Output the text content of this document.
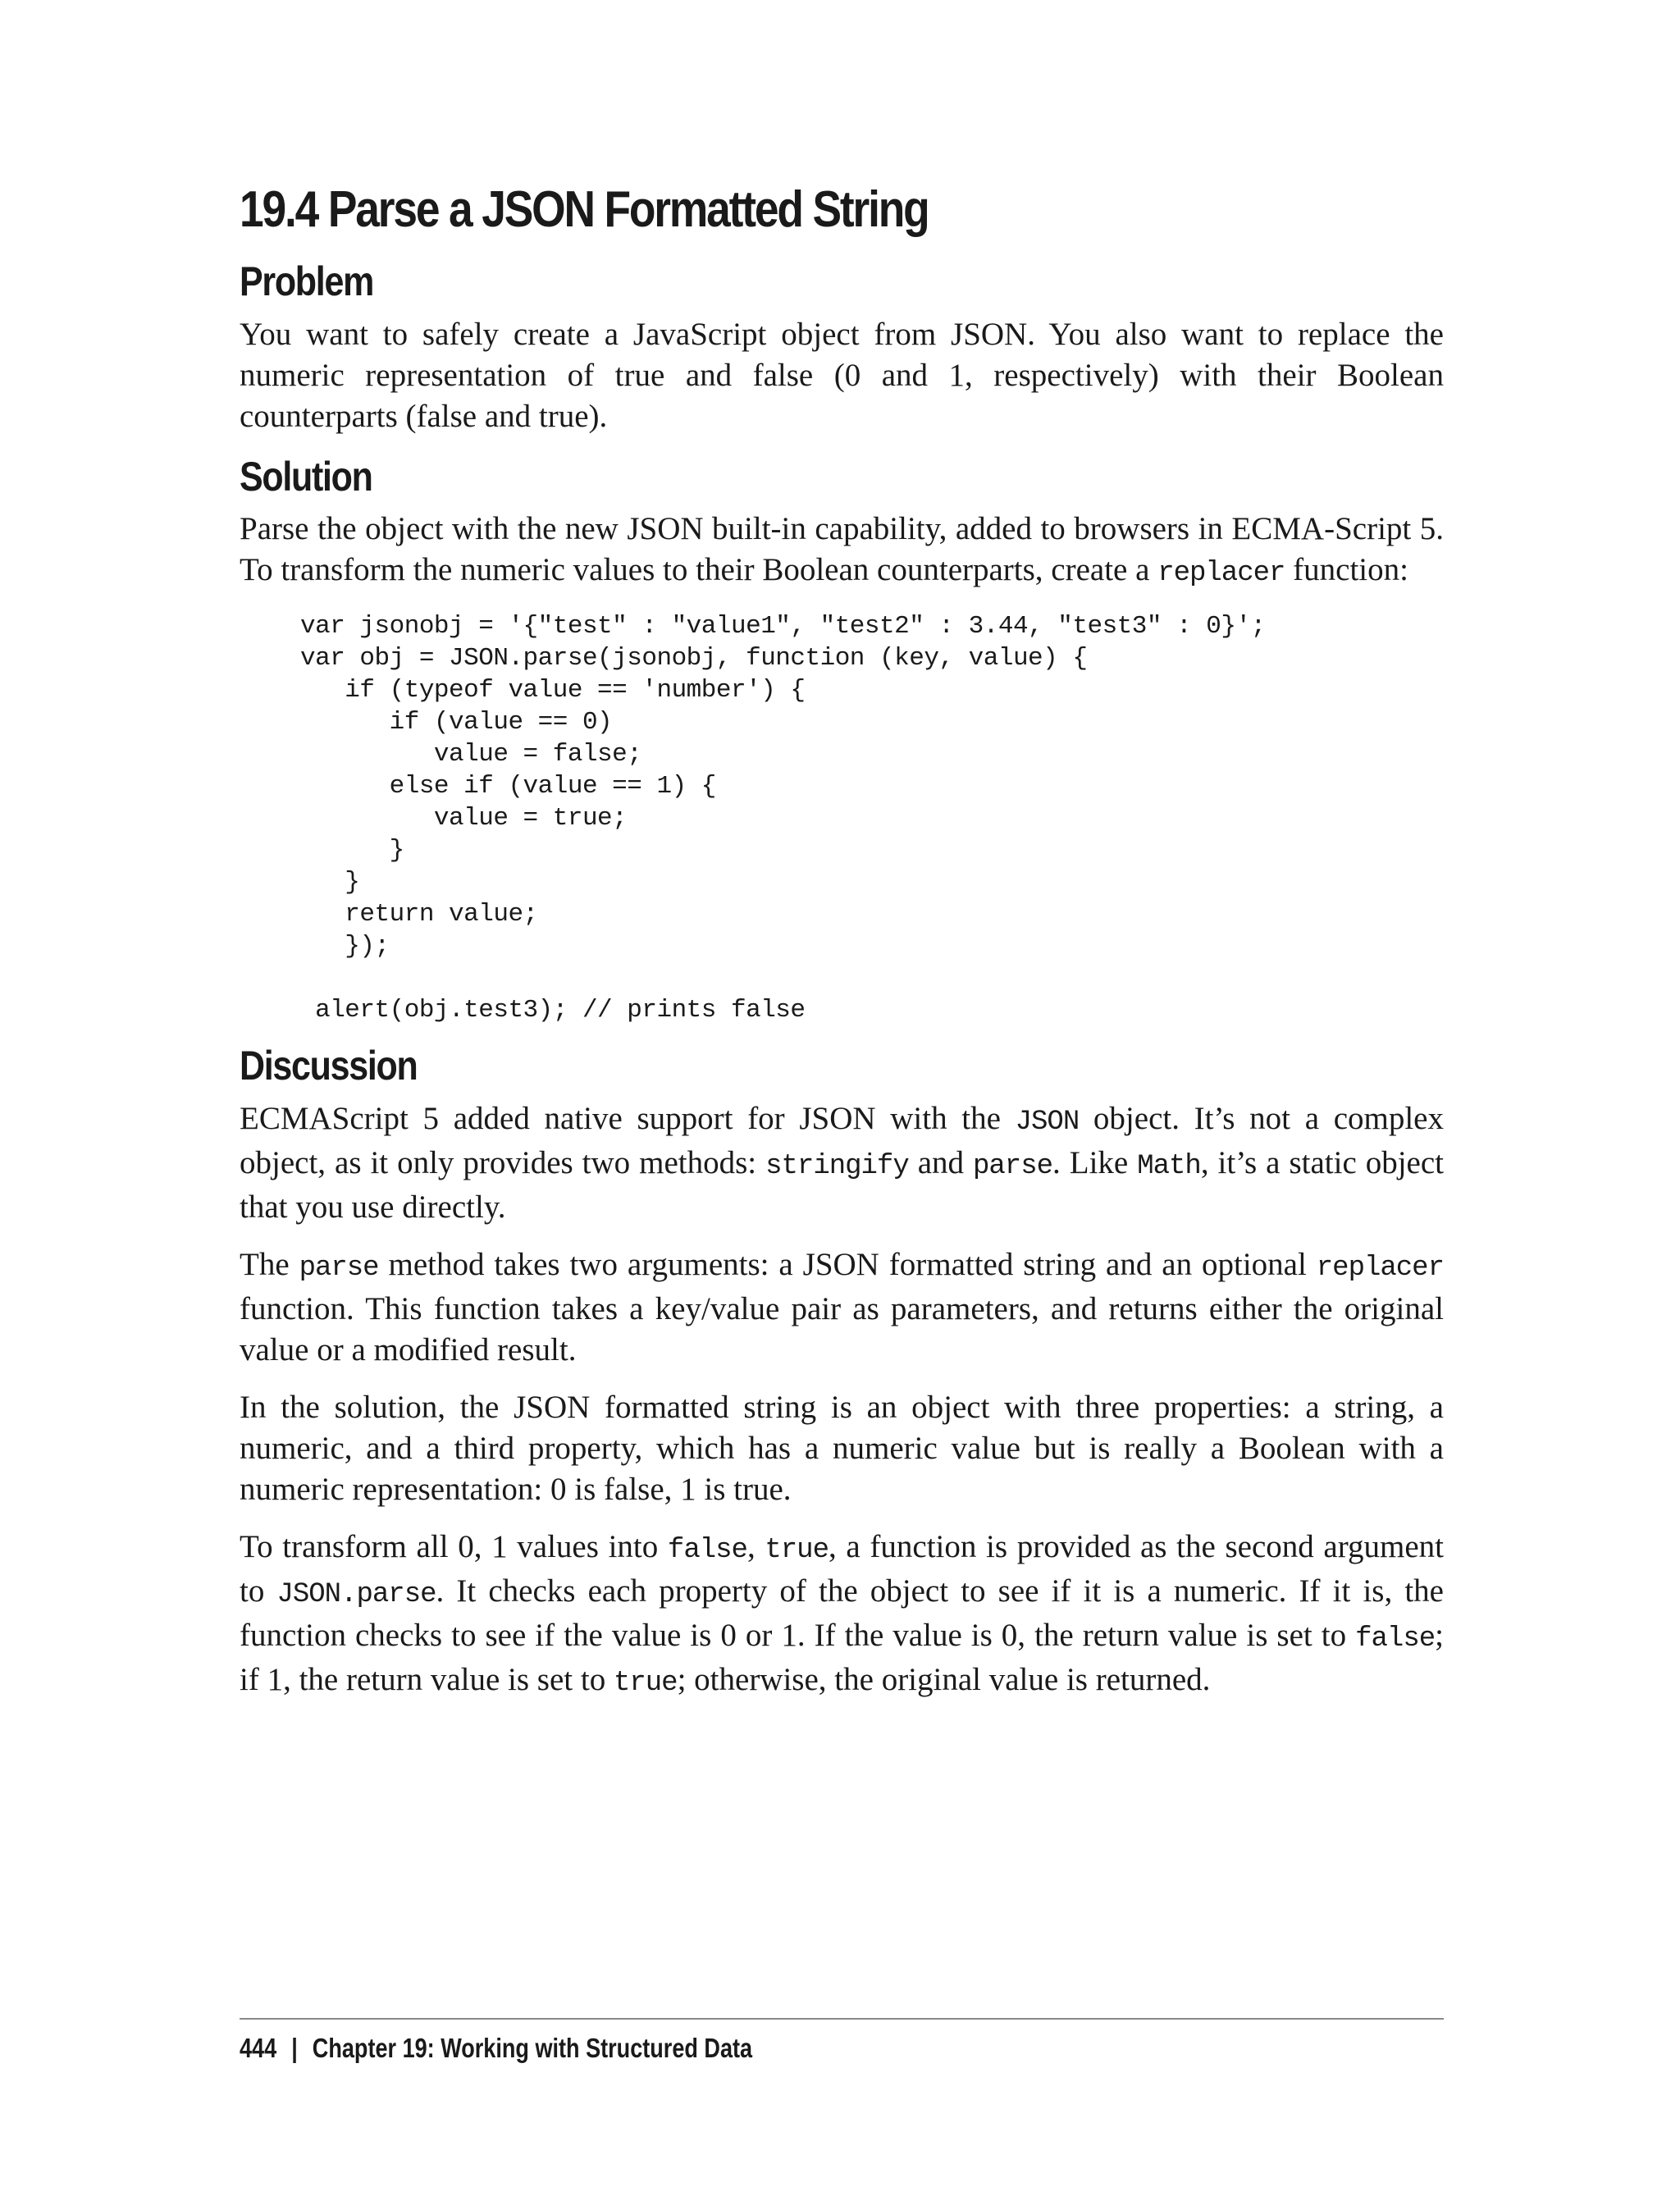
19.4 Parse a JSON Formatted String
Problem

You want to safely create a JavaScript object from JSON. You also want to replace the numeric representation of true and false (0 and 1, respectively) with their Boolean counterparts (false and true).

Solution

Parse the object with the new JSON built-in capability, added to browsers in ECMA-Script 5. To transform the numeric values to their Boolean counterparts, create a replacer function:

var jsonobj = '{"test" : "value1", "test2" : 3.44, "test3" : 0}';
var obj = JSON.parse(jsonobj, function (key, value) {
if (typeof value == 'number') {
if (value == 0)
value = false;
else if (value == 1) {
value = true;
}
}
return value;
});

alert(obj.test3); // prints false
Discussion

ECMAScript 5 added native support for JSON with the JSON object. It’s not a complex object, as it only provides two methods: stringify and parse. Like Math, it’s a static object that you use directly.

The parse method takes two arguments: a JSON formatted string and an optional replacer function. This function takes a key/value pair as parameters, and returns either the original value or a modified result.

In the solution, the JSON formatted string is an object with three properties: a string, a numeric, and a third property, which has a numeric value but is really a Boolean with a numeric representation: 0 is false, 1 is true.

To transform all 0, 1 values into false, true, a function is provided as the second argument to JSON.parse. It checks each property of the object to see if it is a numeric. If it is, the function checks to see if the value is 0 or 1. If the value is 0, the return value is set to false; if 1, the return value is set to true; otherwise, the original value is returned.

444 | Chapter 19: Working with Structured Data
